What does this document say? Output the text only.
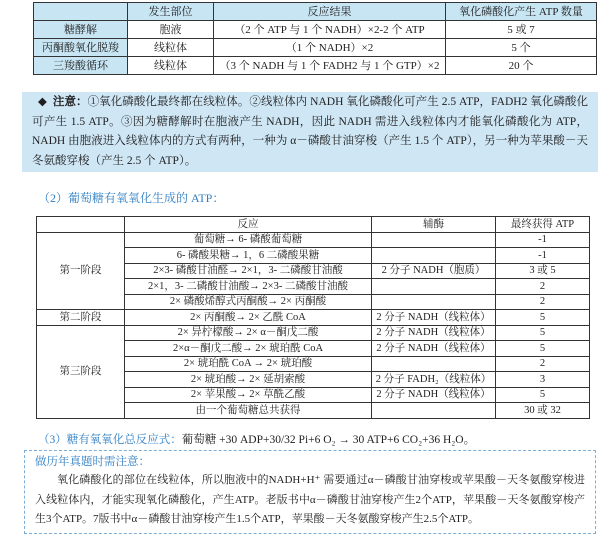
	发生部位	反应结果	氧化磷酸化产生 ATP 数量
糖酵解	胞液	（2 个 ATP 与 1 个 NADH）×2-2 个 ATP	5 或 7
丙酮酸氧化脱羧	线粒体	（1 个 NADH）×2	5 个
三羧酸循环	线粒体	（3 个 NADH 与 1 个 FADH2 与 1 个 GTP）×2	20 个
◆ 注意：①氧化磷酸化最终都在线粒体。②线粒体内 NADH 氧化磷酸化可产生 2.5 ATP，FADH2 氧化磷酸化可产生 1.5 ATP。③因为糖酵解时在胞液产生 NADH，因此 NADH 需进入线粒体内才能氧化磷酸化为 ATP，NADH 由胞液进入线粒体内的方式有两种，一种为 α－磷酸甘油穿梭（产生 1.5 个 ATP），另一种为苹果酸－天冬氨酸穿梭（产生 2.5 个 ATP）。
（2）葡萄糖有氧氧化生成的 ATP：
	反应	辅酶	最终获得 ATP
第一阶段	葡萄糖→ 6- 磷酸葡萄糖		-1
	6- 磷酸果糖→ 1，6 二磷酸果糖		-1
	2×3- 磷酸甘油醛→ 2×1，3- 二磷酸甘油酸	2 分子 NADH（胞质）	3 或 5
	2×1，3- 二磷酸甘油酸→ 2×3- 二磷酸甘油酸		2
	2× 磷酸烯醇式丙酮酸→ 2× 丙酮酸		2
第二阶段	2× 丙酮酸→ 2× 乙酰 CoA	2 分子 NADH（线粒体）	5
第三阶段	2× 异柠檬酸→ 2× α－酮戊二酸	2 分子 NADH（线粒体）	5
	2×α－酮戊二酸→ 2× 琥珀酰 CoA	2 分子 NADH（线粒体）	5
	2× 琥珀酰 CoA → 2× 琥珀酸		2
	2× 琥珀酸→ 2× 延胡索酸	2 分子 FADH₂（线粒体）	3
	2× 苹果酸→ 2× 草酰乙酸	2 分子 NADH（线粒体）	5
	由一个葡萄糖总共获得		30 或 32
（3）糖有氧氧化总反应式：葡萄糖 +30 ADP+30/32 Pi+6 O₂ → 30 ATP+6 CO₂+36 H₂O。
做历年真题时需注意：
氧化磷酸化的部位在线粒体，所以胞液中的NADH+H⁺ 需要通过α－磷酸甘油穿梭或苹果酸－天冬氨酸穿梭进入线粒体内，才能实现氧化磷酸化，产生ATP。老版书中α－磷酸甘油穿梭产生2个ATP，苹果酸－天冬氨酸穿梭产生3个ATP。7版书中α－磷酸甘油穿梭产生1.5个ATP，苹果酸－天冬氨酸穿梭产生2.5个ATP。
